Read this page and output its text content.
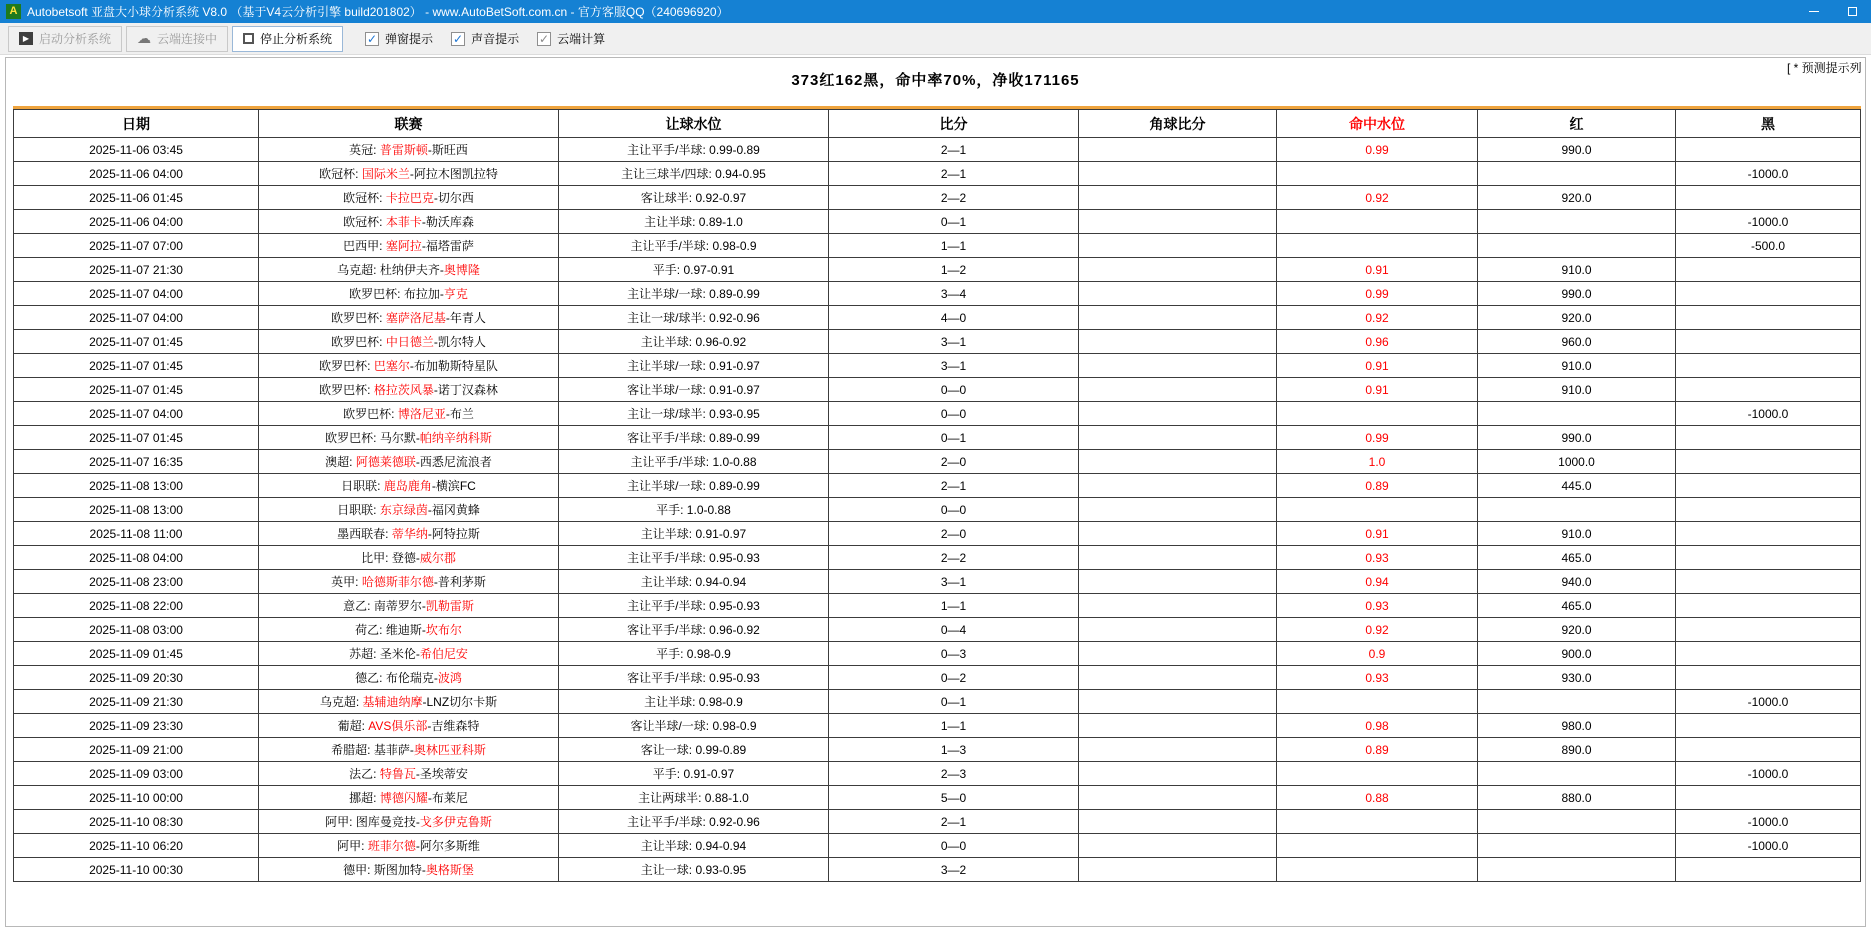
A Autobetsoft 亚盘大小球分析系统 V8.0 （基于V4云分析引擎 build201802） - www.AutoBetSoft.com.cn - 官方客服QQ（240696920）
▶ 启动分析系统 ☁ 云端连接中	停止分析系统	✓ 弹窗提示 ✓ 声音提示 ✓ 云端计算
[ * 预测提示列
373红162黑，命中率70%，净收171165
日期	联赛	让球水位	比分	角球比分	命中水位	红	黑
2025-11-06 03:45	英冠: 普雷斯顿-斯旺西	主让平手/半球: 0.99-0.89	2—1		0.99	990.0	
2025-11-06 04:00	欧冠杯: 国际米兰-阿拉木图凯拉特	主让三球半/四球: 0.94-0.95	2—1				-1000.0
2025-11-06 01:45	欧冠杯: 卡拉巴克-切尔西	客让球半: 0.92-0.97	2—2		0.92	920.0	
2025-11-06 04:00	欧冠杯: 本菲卡-勒沃库森	主让半球: 0.89-1.0	0—1				-1000.0
2025-11-07 07:00	巴西甲: 塞阿拉-福塔雷萨	主让平手/半球: 0.98-0.9	1—1				-500.0
2025-11-07 21:30	乌克超: 杜纳伊夫齐-奥博隆	平手: 0.97-0.91	1—2		0.91	910.0	
2025-11-07 04:00	欧罗巴杯: 布拉加-亨克	主让半球/一球: 0.89-0.99	3—4		0.99	990.0	
2025-11-07 04:00	欧罗巴杯: 塞萨洛尼基-年青人	主让一球/球半: 0.92-0.96	4—0		0.92	920.0	
2025-11-07 01:45	欧罗巴杯: 中日德兰-凯尔特人	主让半球: 0.96-0.92	3—1		0.96	960.0	
2025-11-07 01:45	欧罗巴杯: 巴塞尔-布加勒斯特星队	主让半球/一球: 0.91-0.97	3—1		0.91	910.0	
2025-11-07 01:45	欧罗巴杯: 格拉茨风暴-诺丁汉森林	客让半球/一球: 0.91-0.97	0—0		0.91	910.0	
2025-11-07 04:00	欧罗巴杯: 博洛尼亚-布兰	主让一球/球半: 0.93-0.95	0—0				-1000.0
2025-11-07 01:45	欧罗巴杯: 马尔默-帕纳辛纳科斯	客让平手/半球: 0.89-0.99	0—1		0.99	990.0	
2025-11-07 16:35	澳超: 阿德莱德联-西悉尼流浪者	主让平手/半球: 1.0-0.88	2—0		1.0	1000.0	
2025-11-08 13:00	日职联: 鹿岛鹿角-横滨FC	主让半球/一球: 0.89-0.99	2—1		0.89	445.0	
2025-11-08 13:00	日职联: 东京绿茵-福冈黄蜂	平手: 1.0-0.88	0—0				
2025-11-08 11:00	墨西联春: 蒂华纳-阿特拉斯	主让半球: 0.91-0.97	2—0		0.91	910.0	
2025-11-08 04:00	比甲: 登德-威尔郡	主让平手/半球: 0.95-0.93	2—2		0.93	465.0	
2025-11-08 23:00	英甲: 哈德斯菲尔德-普利茅斯	主让半球: 0.94-0.94	3—1		0.94	940.0	
2025-11-08 22:00	意乙: 南蒂罗尔-凯勒雷斯	主让平手/半球: 0.95-0.93	1—1		0.93	465.0	
2025-11-08 03:00	荷乙: 维迪斯-坎布尔	客让平手/半球: 0.96-0.92	0—4		0.92	920.0	
2025-11-09 01:45	苏超: 圣米伦-希伯尼安	平手: 0.98-0.9	0—3		0.9	900.0	
2025-11-09 20:30	德乙: 布伦瑞克-波鸿	客让平手/半球: 0.95-0.93	0—2		0.93	930.0	
2025-11-09 21:30	乌克超: 基辅迪纳摩-LNZ切尔卡斯	主让半球: 0.98-0.9	0—1				-1000.0
2025-11-09 23:30	葡超: AVS俱乐部-吉维森特	客让半球/一球: 0.98-0.9	1—1		0.98	980.0	
2025-11-09 21:00	希腊超: 基菲萨-奥林匹亚科斯	客让一球: 0.99-0.89	1—3		0.89	890.0	
2025-11-09 03:00	法乙: 特鲁瓦-圣埃蒂安	平手: 0.91-0.97	2—3				-1000.0
2025-11-10 00:00	挪超: 博德闪耀-布莱尼	主让两球半: 0.88-1.0	5—0		0.88	880.0	
2025-11-10 08:30	阿甲: 图库曼竞技-戈多伊克鲁斯	主让平手/半球: 0.92-0.96	2—1				-1000.0
2025-11-10 06:20	阿甲: 班菲尔德-阿尔多斯维	主让半球: 0.94-0.94	0—0				-1000.0
2025-11-10 00:30	德甲: 斯图加特-奥格斯堡	主让一球: 0.93-0.95	3—2				
